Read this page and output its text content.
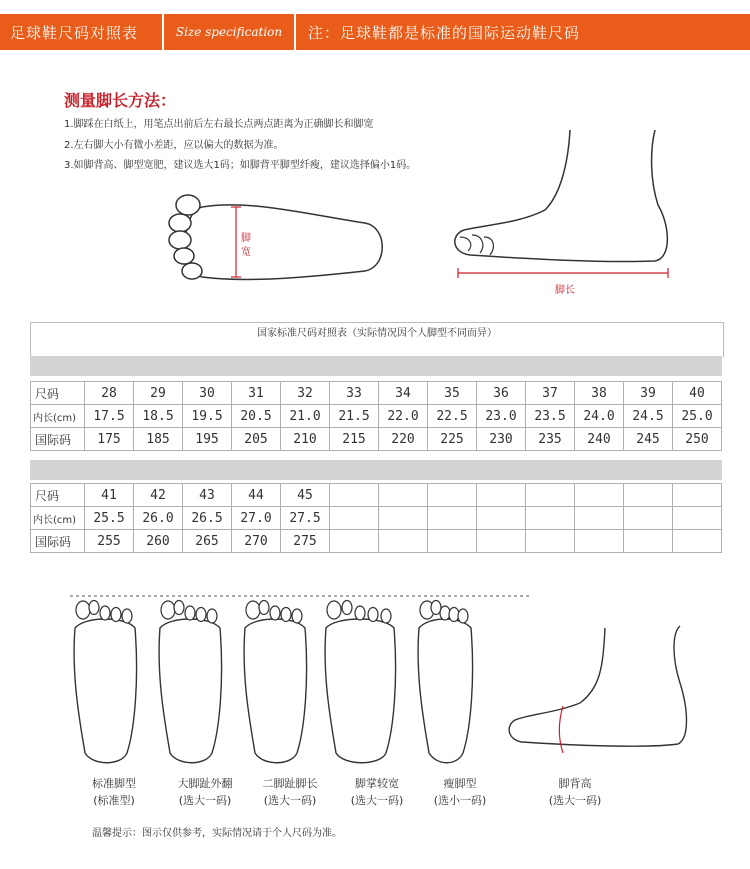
足球鞋尺码对照表	Size specification	注：足球鞋都是标准的国际运动鞋尺码
测量脚长方法：
1.脚踩在白纸上，用笔点出前后左右最长点两点距离为正确脚长和脚宽
2.左右脚大小有微小差距，应以偏大的数据为准。
3.如脚背高、脚型宽肥，建议选大1码；如脚背平脚型纤瘦，建议选择偏小1码。
脚宽
脚长
国家标准尺码对照表（实际情况因个人脚型不同而异）
尺码	28	29	30	31	32	33	34	35	36	37	38	39	40
内长(cm)	17.5	18.5	19.5	20.5	21.0	21.5	22.0	22.5	23.0	23.5	24.0	24.5	25.0
国际码	175	185	195	205	210	215	220	225	230	235	240	245	250
尺码	41	42	43	44	45								
内长(cm)	25.5	26.0	26.5	27.0	27.5								
国际码	255	260	265	270	275								
标准脚型
(标准型)
大脚趾外翻
(选大一码)
二脚趾脚长
(选大一码)
脚掌较宽
(选大一码)
瘦脚型
(选小一码)
脚背高
(选大一码)
温馨提示：图示仅供参考，实际情况请于个人尺码为准。
